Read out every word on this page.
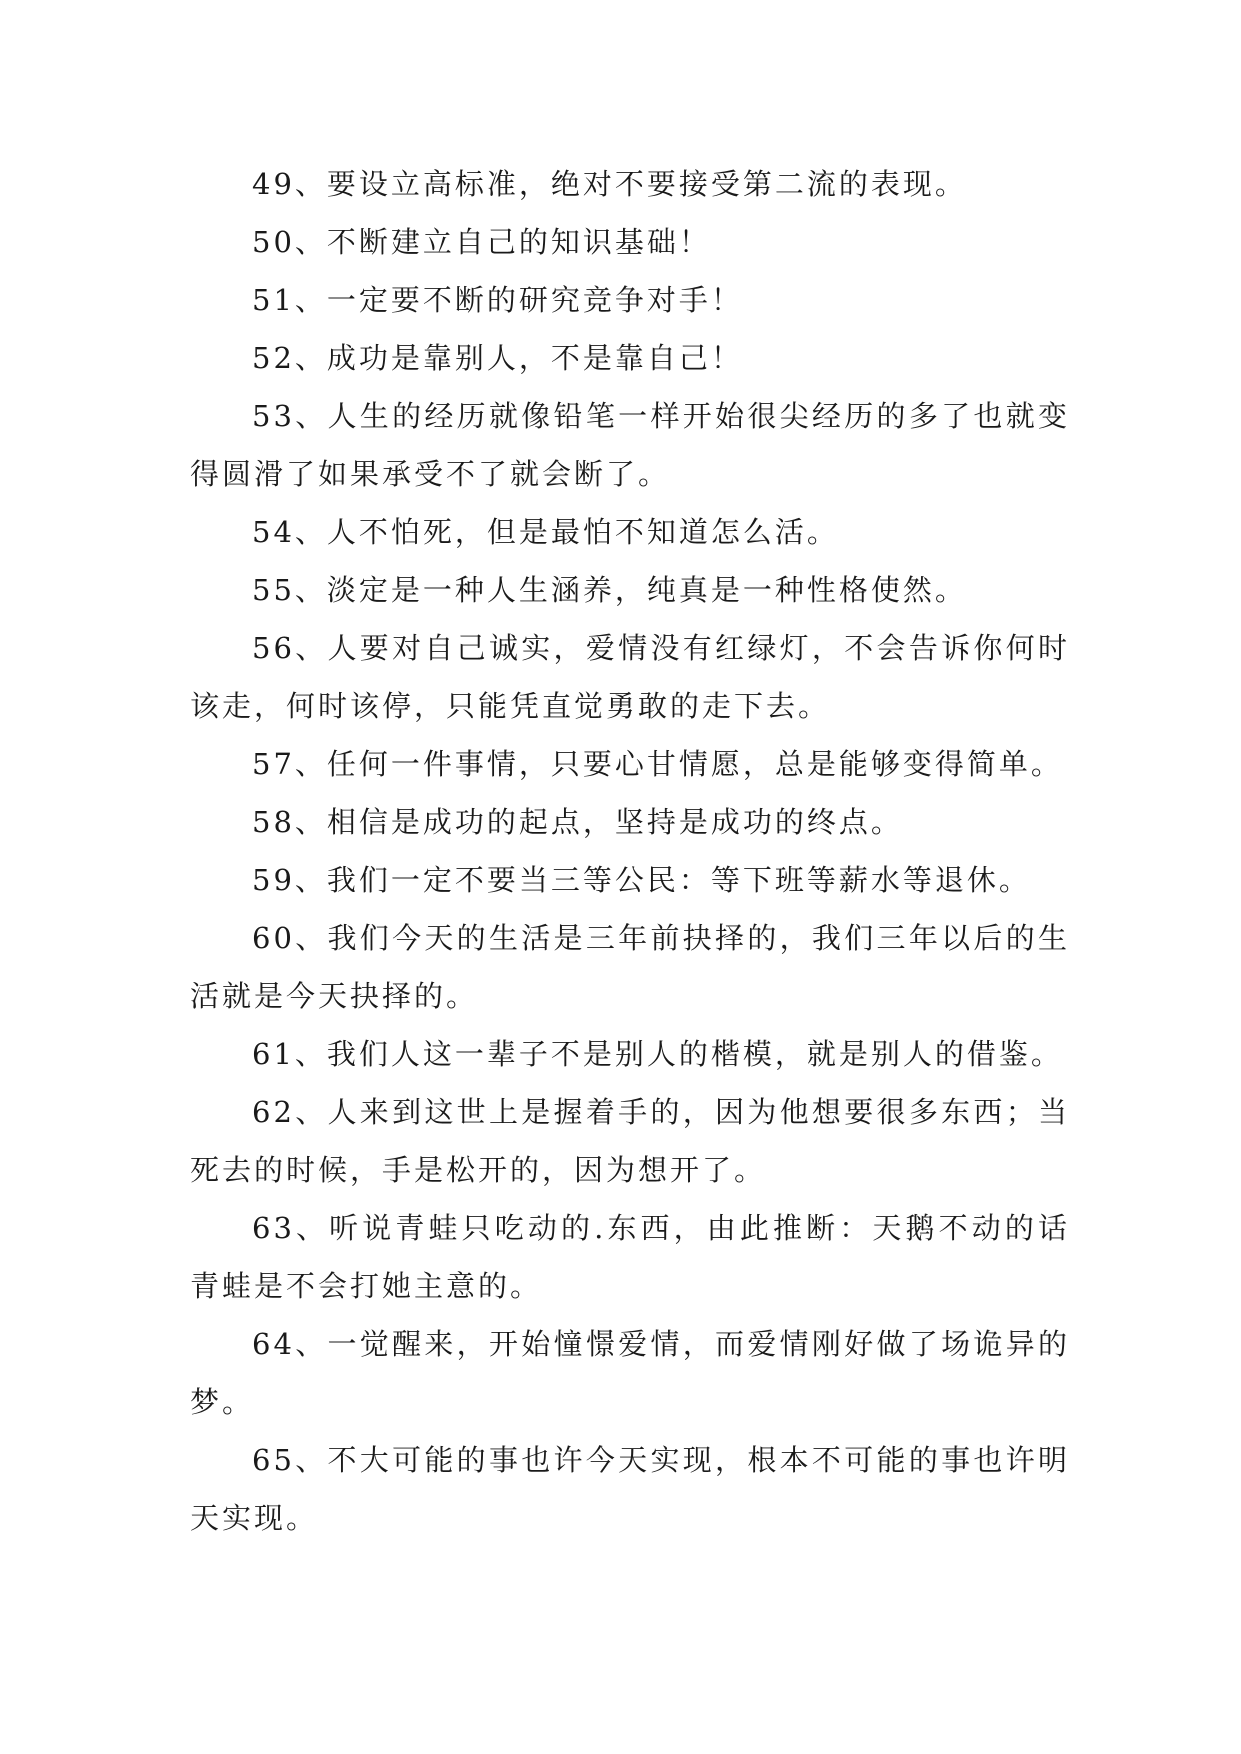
49、要设立高标准，绝对不要接受第二流的表现。

50、不断建立自己的知识基础！

51、一定要不断的研究竞争对手！

52、成功是靠别人，不是靠自己！

53、人生的经历就像铅笔一样开始很尖经历的多了也就变得圆滑了如果承受不了就会断了。

54、人不怕死，但是最怕不知道怎么活。

55、淡定是一种人生涵养，纯真是一种性格使然。

56、人要对自己诚实，爱情没有红绿灯，不会告诉你何时该走，何时该停，只能凭直觉勇敢的走下去。

57、任何一件事情，只要心甘情愿，总是能够变得简单。

58、相信是成功的起点，坚持是成功的终点。

59、我们一定不要当三等公民：等下班等薪水等退休。

60、我们今天的生活是三年前抉择的，我们三年以后的生活就是今天抉择的。

61、我们人这一辈子不是别人的楷模，就是别人的借鉴。

62、人来到这世上是握着手的，因为他想要很多东西；当死去的时候，手是松开的，因为想开了。

63、听说青蛙只吃动的.东西，由此推断：天鹅不动的话青蛙是不会打她主意的。

64、一觉醒来，开始憧憬爱情，而爱情刚好做了场诡异的梦。

65、不大可能的事也许今天实现，根本不可能的事也许明天实现。
